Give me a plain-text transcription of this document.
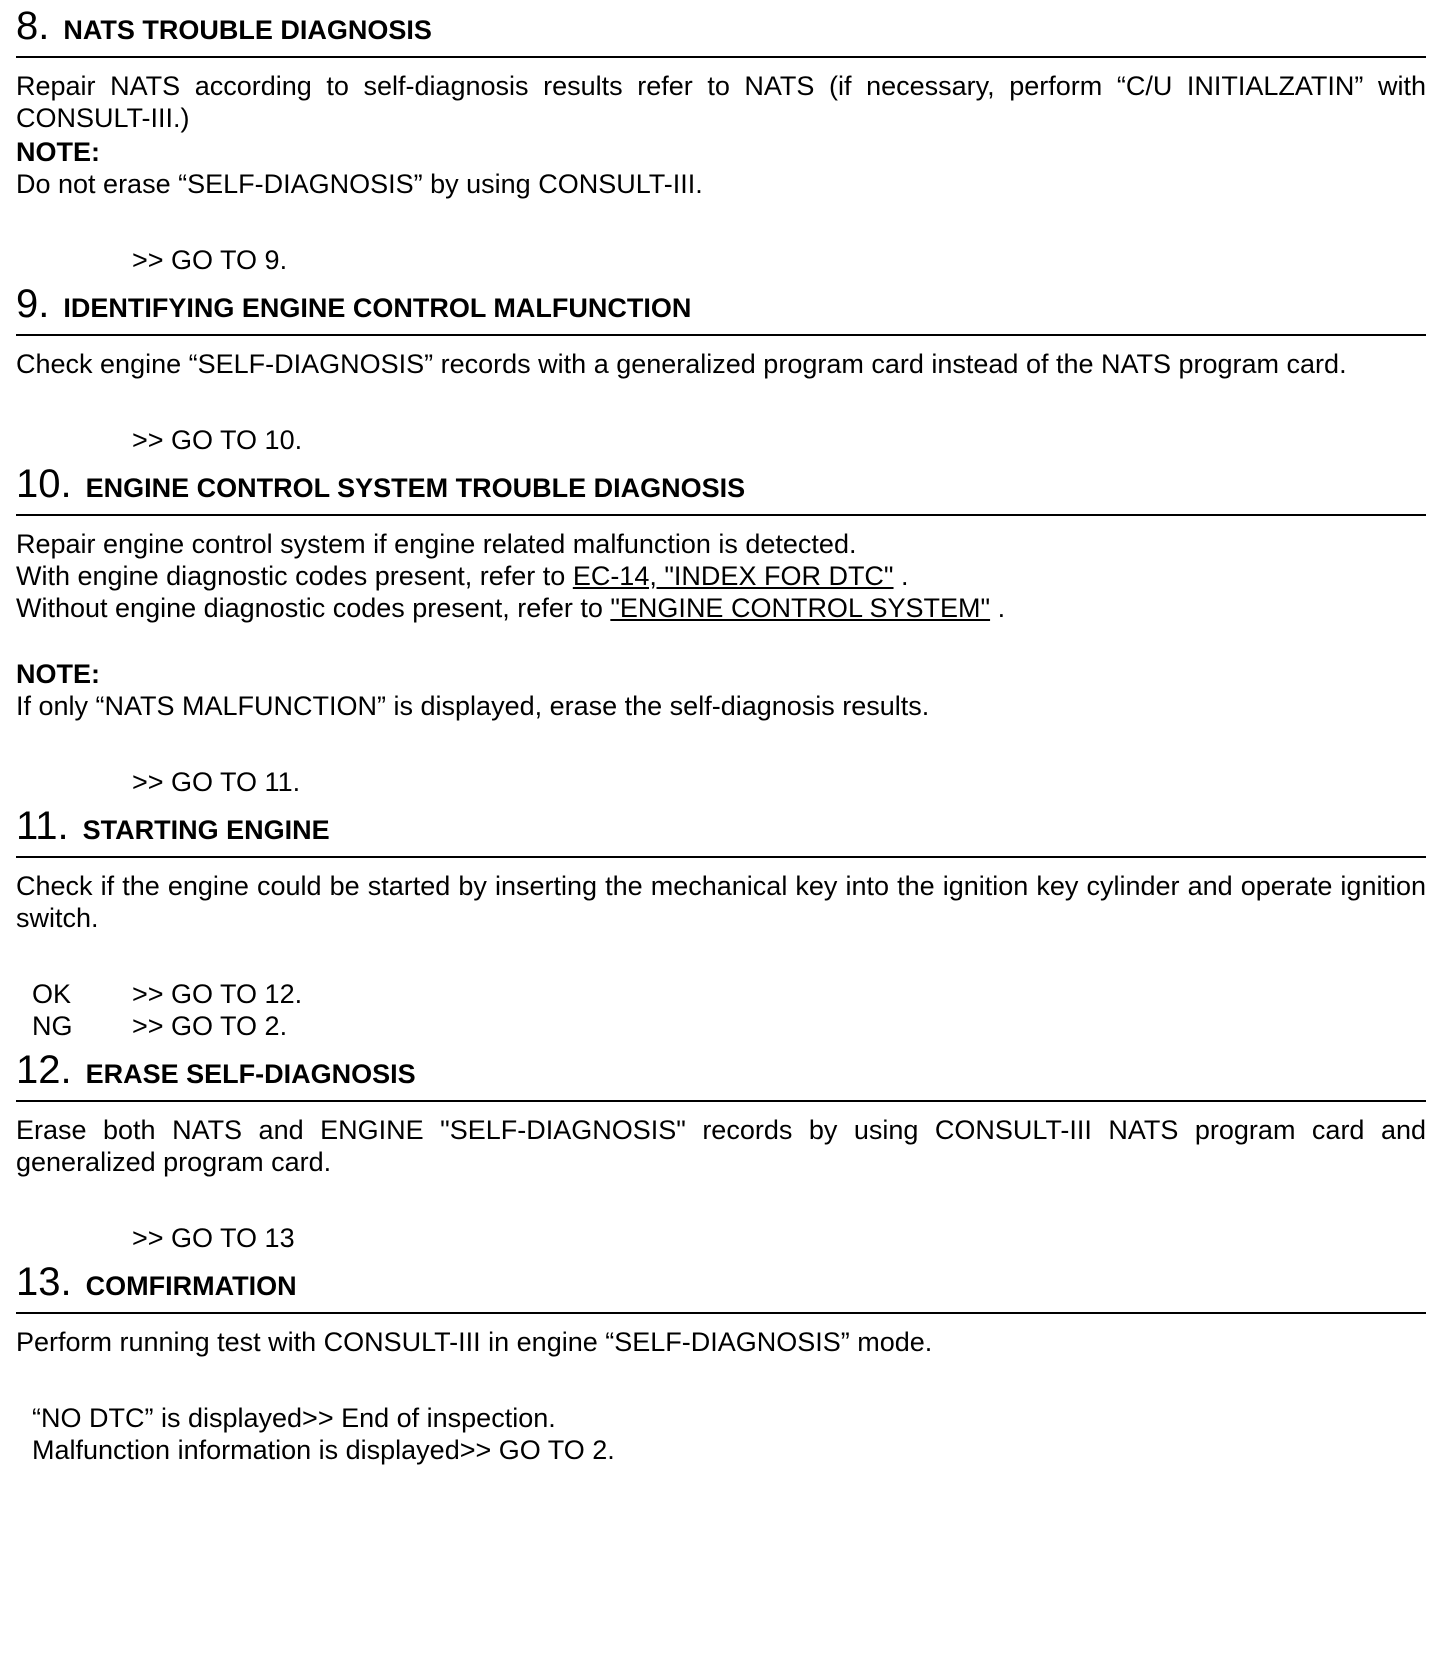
8. NATS TROUBLE DIAGNOSIS
Repair NATS according to self-diagnosis results refer to NATS (if necessary, perform “C/U INITIALZATIN” with CONSULT-III.)
NOTE:
Do not erase “SELF-DIAGNOSIS” by using CONSULT-III.
>> GO TO 9.
9. IDENTIFYING ENGINE CONTROL MALFUNCTION
Check engine “SELF-DIAGNOSIS” records with a generalized program card instead of the NATS program card.
>> GO TO 10.
10. ENGINE CONTROL SYSTEM TROUBLE DIAGNOSIS
Repair engine control system if engine related malfunction is detected.
With engine diagnostic codes present, refer to EC-14, "INDEX FOR DTC" .
Without engine diagnostic codes present, refer to "ENGINE CONTROL SYSTEM" .
NOTE:
If only “NATS MALFUNCTION” is displayed, erase the self-diagnosis results.
>> GO TO 11.
11. STARTING ENGINE
Check if the engine could be started by inserting the mechanical key into the ignition key cylinder and operate ignition switch.
OK	>> GO TO 12.
NG	>> GO TO 2.
12. ERASE SELF-DIAGNOSIS
Erase both NATS and ENGINE "SELF-DIAGNOSIS" records by using CONSULT-III NATS program card and generalized program card.
>> GO TO 13
13. COMFIRMATION
Perform running test with CONSULT-III in engine “SELF-DIAGNOSIS” mode.
“NO DTC” is displayed>> End of inspection.
Malfunction information is displayed>> GO TO 2.
